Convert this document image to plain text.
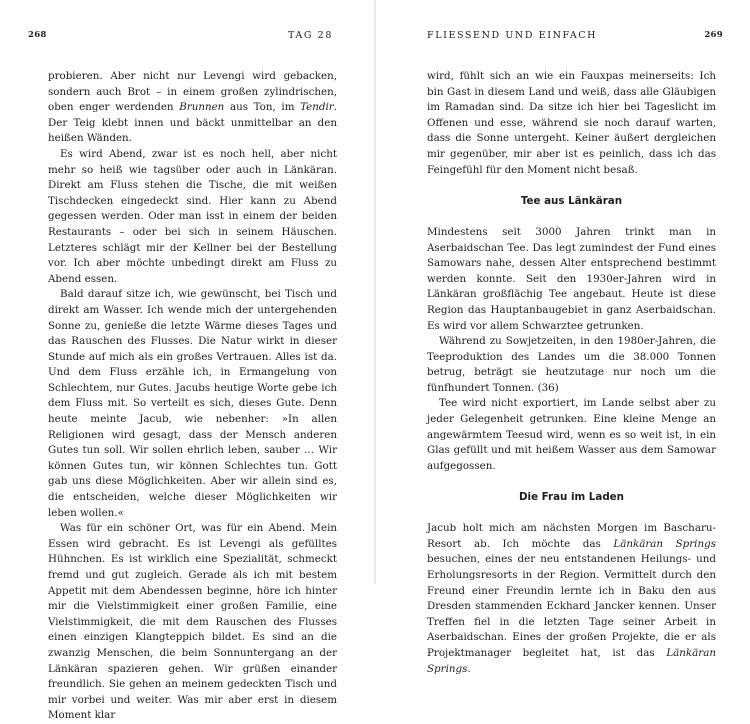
268	TAG 28

probieren. Aber nicht nur Levengi wird gebacken, sondern auch Brot – in einem großen zylindrischen, oben enger werdenden Brunnen aus Ton, im Tendir. Der Teig klebt innen und bäckt unmittelbar an den heißen Wänden.

Es wird Abend, zwar ist es noch hell, aber nicht mehr so heiß wie tagsüber oder auch in Länkäran. Direkt am Fluss stehen die Tische, die mit weißen Tischdecken eingedeckt sind. Hier kann zu Abend gegessen werden. Oder man isst in einem der beiden Restaurants – oder bei sich in seinem Häuschen. Letzteres schlägt mir der Kellner bei der Bestellung vor. Ich aber möchte unbedingt direkt am Fluss zu Abend essen.

Bald darauf sitze ich, wie gewünscht, bei Tisch und direkt am Wasser. Ich wende mich der untergehenden Sonne zu, genieße die letzte Wärme dieses Tages und das Rauschen des Flusses. Die Natur wirkt in dieser Stunde auf mich als ein großes Vertrauen. Alles ist da. Und dem Fluss erzähle ich, in Ermangelung von Schlechtem, nur Gutes. Jacubs heutige Worte gebe ich dem Fluss mit. So verteilt es sich, dieses Gute. Denn heute meinte Jacub, wie nebenher: »In allen Religionen wird gesagt, dass der Mensch anderen Gutes tun soll. Wir sollen ehrlich leben, sauber … Wir können Gutes tun, wir können Schlechtes tun. Gott gab uns diese Möglichkeiten. Aber wir allein sind es, die entscheiden, welche dieser Möglichkeiten wir leben wollen.«

Was für ein schöner Ort, was für ein Abend. Mein Essen wird gebracht. Es ist Levengi als gefülltes Hühnchen. Es ist wirklich eine Spezialität, schmeckt fremd und gut zugleich. Gerade als ich mit bestem Appetit mit dem Abendessen beginne, höre ich hinter mir die Vielstimmigkeit einer großen Familie, eine Vielstimmigkeit, die mit dem Rauschen des Flusses einen einzigen Klangteppich bildet. Es sind an die zwanzig Menschen, die beim Sonnuntergang an der Länkäran spazieren gehen. Wir grüßen einander freundlich. Sie gehen an meinem gedeckten Tisch und mir vorbei und weiter. Was mir aber erst in diesem Moment klar

FLIESSEND UND EINFACH	269

wird, fühlt sich an wie ein Fauxpas meinerseits: Ich bin Gast in diesem Land und weiß, dass alle Gläubigen im Ramadan sind. Da sitze ich hier bei Tageslicht im Offenen und esse, während sie noch darauf warten, dass die Sonne untergeht. Keiner äußert dergleichen mir gegenüber, mir aber ist es peinlich, dass ich das Feingefühl für den Moment nicht besaß.

Tee aus Länkäran

Mindestens seit 3000 Jahren trinkt man in Aserbaidschan Tee. Das legt zumindest der Fund eines Samowars nahe, dessen Alter entsprechend bestimmt werden konnte. Seit den 1930er-Jahren wird in Länkäran großflächig Tee angebaut. Heute ist diese Region das Hauptanbaugebiet in ganz Aserbaidschan. Es wird vor allem Schwarztee getrunken.

Während zu Sowjetzeiten, in den 1980er-Jahren, die Teeproduktion des Landes um die 38.000 Tonnen betrug, beträgt sie heutzutage nur noch um die fünfhundert Tonnen. (36)

Tee wird nicht exportiert, im Lande selbst aber zu jeder Gelegenheit getrunken. Eine kleine Menge an angewärmtem Teesud wird, wenn es so weit ist, in ein Glas gefüllt und mit heißem Wasser aus dem Samowar aufgegossen.

Die Frau im Laden

Jacub holt mich am nächsten Morgen im Bascharu-Resort ab. Ich möchte das Länkäran Springs besuchen, eines der neu entstandenen Heilungs- und Erholungsresorts in der Region. Vermittelt durch den Freund einer Freundin lernte ich in Baku den aus Dresden stammenden Eckhard Jancker kennen. Unser Treffen fiel in die letzten Tage seiner Arbeit in Aserbaidschan. Eines der großen Projekte, die er als Projektmanager begleitet hat, ist das Länkäran Springs.
